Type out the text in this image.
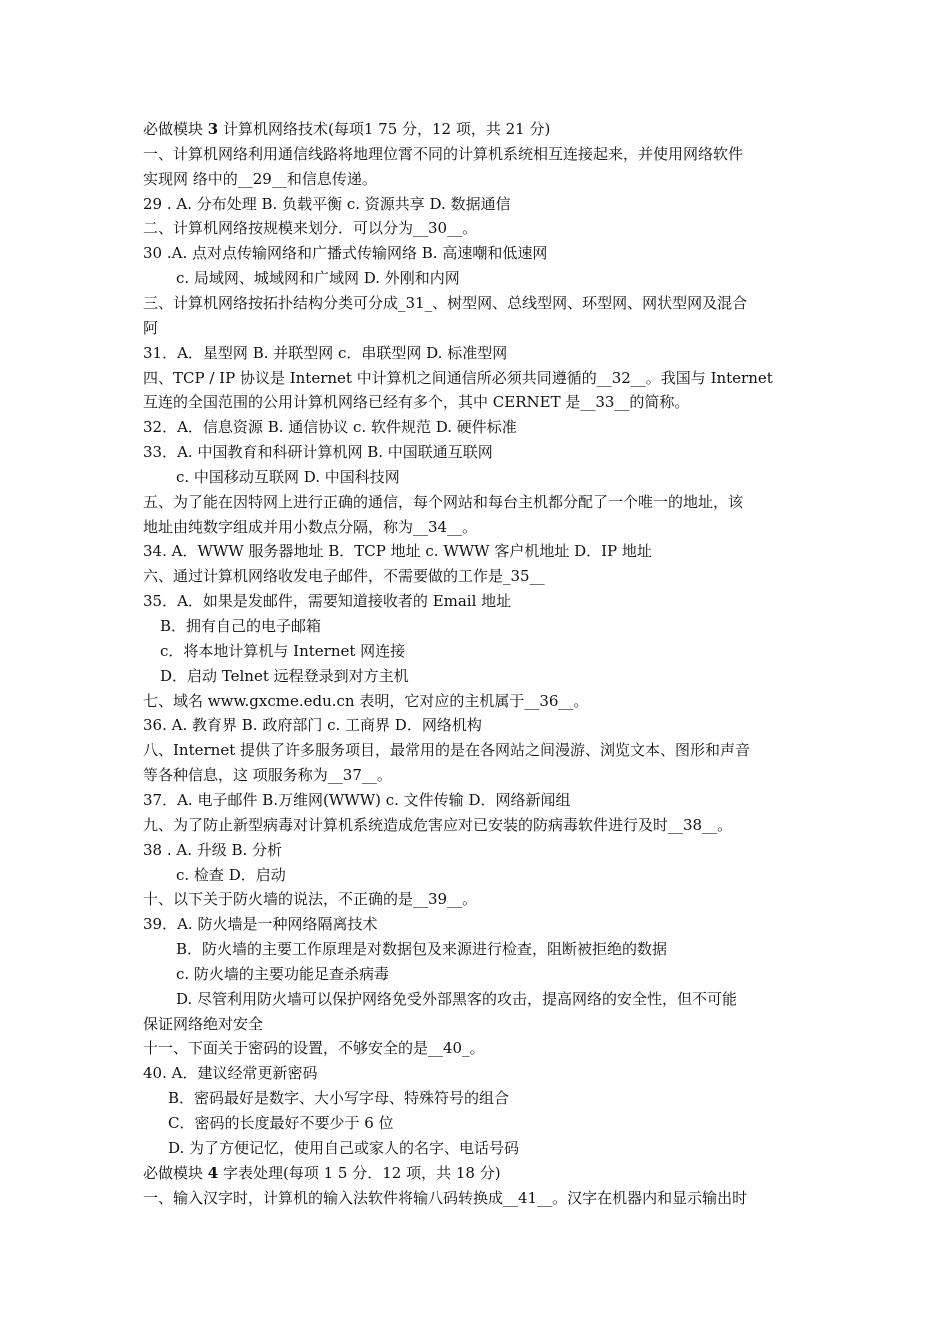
必做模块 3 计算机网络技术(每项1 75 分，12 项，共 21 分)
一、计算机网络利用通信线路将地理位霄不同的计算机系统相互连接起来，并使用网络软件
实现网 络中的__29__和信息传递。
29 . A. 分布处理 B. 负载平衡 c. 资源共享 D. 数据通信
二、计算机网络按规模来划分．可以分为__30__。
30 .A. 点对点传输网络和广播式传输网络 B. 高速嘲和低速网
c. 局域网、城域网和广域网 D. 外刚和内网
三、计算机网络按拓扑结构分类可分成_31_、树型网、总线型网、环型网、网状型网及混合
阿
31．A．星型网 B. 并联型网 c．串联型网 D. 标准型网
四、TCP / IP 协议是 Internet 中计算机之间通信所必须共同遵循的__32__。我国与 Internet
互连的全国范围的公用计算机网络已经有多个，其中 CERNET 是__33__的简称。
32．A．信息资源 B. 通信协议 c. 软件规范 D. 硬件标准
33．A. 中国教育和科研计算机网 B. 中国联通互联网
c. 中国移动互联网 D. 中国科技网
五、为了能在因特网上进行正确的通信，每个网站和每台主机都分配了一个唯一的地址，该
地址由纯数字组成并用小数点分隔，称为__34__。
34. A．WWW 服务器地址 B．TCP 地址 c. WWW 客户机地址 D．IP 地址
六、通过计算机网络收发电子邮件，不需要做的工作是_35__
35．A．如果是发邮件，需要知道接收者的 Email 地址
B．拥有自己的电子邮箱
c．将本地计算机与 Internet 网连接
D．启动 Telnet 远程登录到对方主机
七、域名 www.gxcme.edu.cn 表明，它对应的主机属于__36__。
36. A. 教育界 B. 政府部门 c. 工商界 D．网络机构
八、Internet 提供了许多服务项目，最常用的是在各网站之间漫游、浏览文本、图形和声音
等各种信息，这 项服务称为__37__。
37．A. 电子邮件 B.万维网(WWW) c. 文件传输 D．网络新闻组
九、为了防止新型病毒对计算机系统造成危害应对已安装的防病毒软件进行及时__38__。
38 . A. 升级 B. 分析
c. 检查 D．启动
十、以下关于防火墙的说法，不正确的是__39__。
39．A. 防火墙是一种网络隔离技术
B．防火墙的主要工作原理是对数据包及来源进行检查，阻断被拒绝的数据
c. 防火墙的主要功能足查杀病毒
D. 尽管利用防火墙可以保护网络免受外部黑客的攻击，提高网络的安全性，但不可能
保证网络绝对安全
十一、下面关于密码的设置，不够安全的是__40_。
40. A．建议经常更新密码
B．密码最好是数字、大小写字母、特殊符号的组合
C．密码的长度最好不要少于 6 位
D. 为了方便记忆，使用自己或家人的名字、电话号码
必做模块 4 字表处理(每项 1 5 分．12 项，共 18 分)
一、输入汉字时，计算机的输入法软件将输八码转换成__41__。汉字在机器内和显示输出时
